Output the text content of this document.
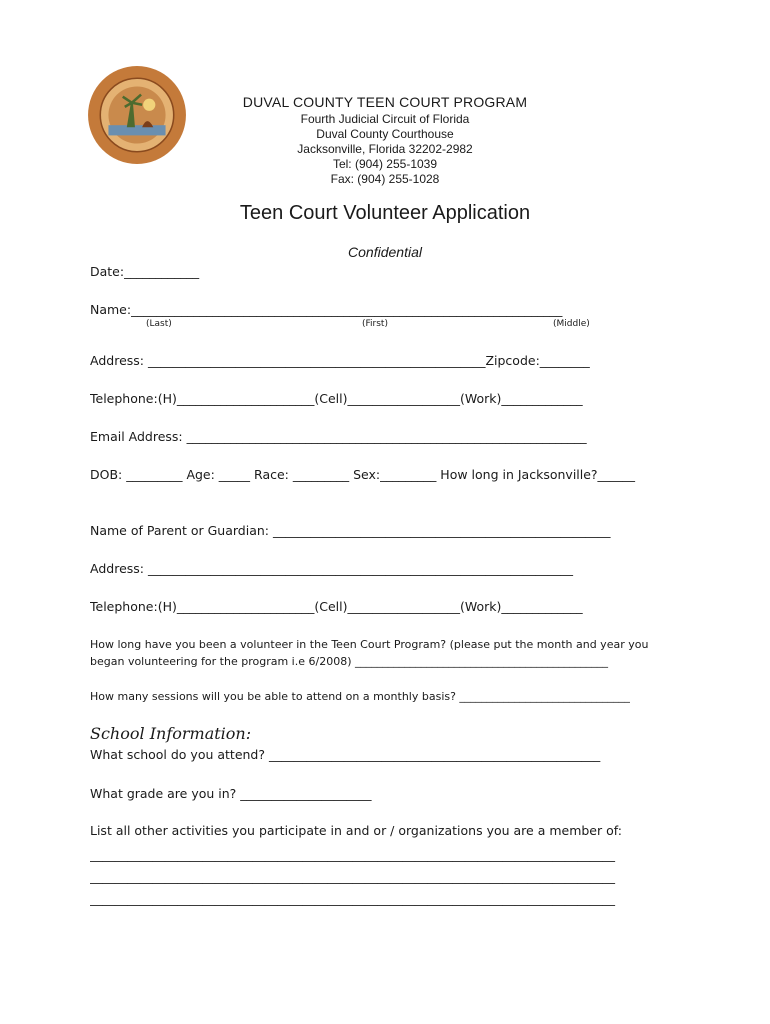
DUVAL COUNTY TEEN COURT PROGRAM
Fourth Judicial Circuit of Florida
Duval County Courthouse
Jacksonville, Florida 32202-2982
Tel: (904) 255-1039
Fax: (904) 255-1028
Teen Court Volunteer Application
Confidential
Date:____________
Name:_____________________________________________________________________
(Last)	(First)	(Middle)
Address: ______________________________________________________Zipcode:________
Telephone:(H)______________________(Cell)__________________(Work)_____________
Email Address: ________________________________________________________________
DOB: _________ Age: _____ Race: _________ Sex:_________ How long in Jacksonville?______
Name of Parent or Guardian: ______________________________________________________
Address: ____________________________________________________________________
Telephone:(H)______________________(Cell)__________________(Work)_____________
How long have you been a volunteer in the Teen Court Program? (please put the month and year you
began volunteering for the program i.e 6/2008) ______________________________________________
How many sessions will you be able to attend on a monthly basis? _______________________________
School Information:
What school do you attend? _____________________________________________________
What grade are you in? _____________________
List all other activities you participate in and or / organizations you are a member of:
____________________________________________________________________________________
____________________________________________________________________________________
____________________________________________________________________________________
